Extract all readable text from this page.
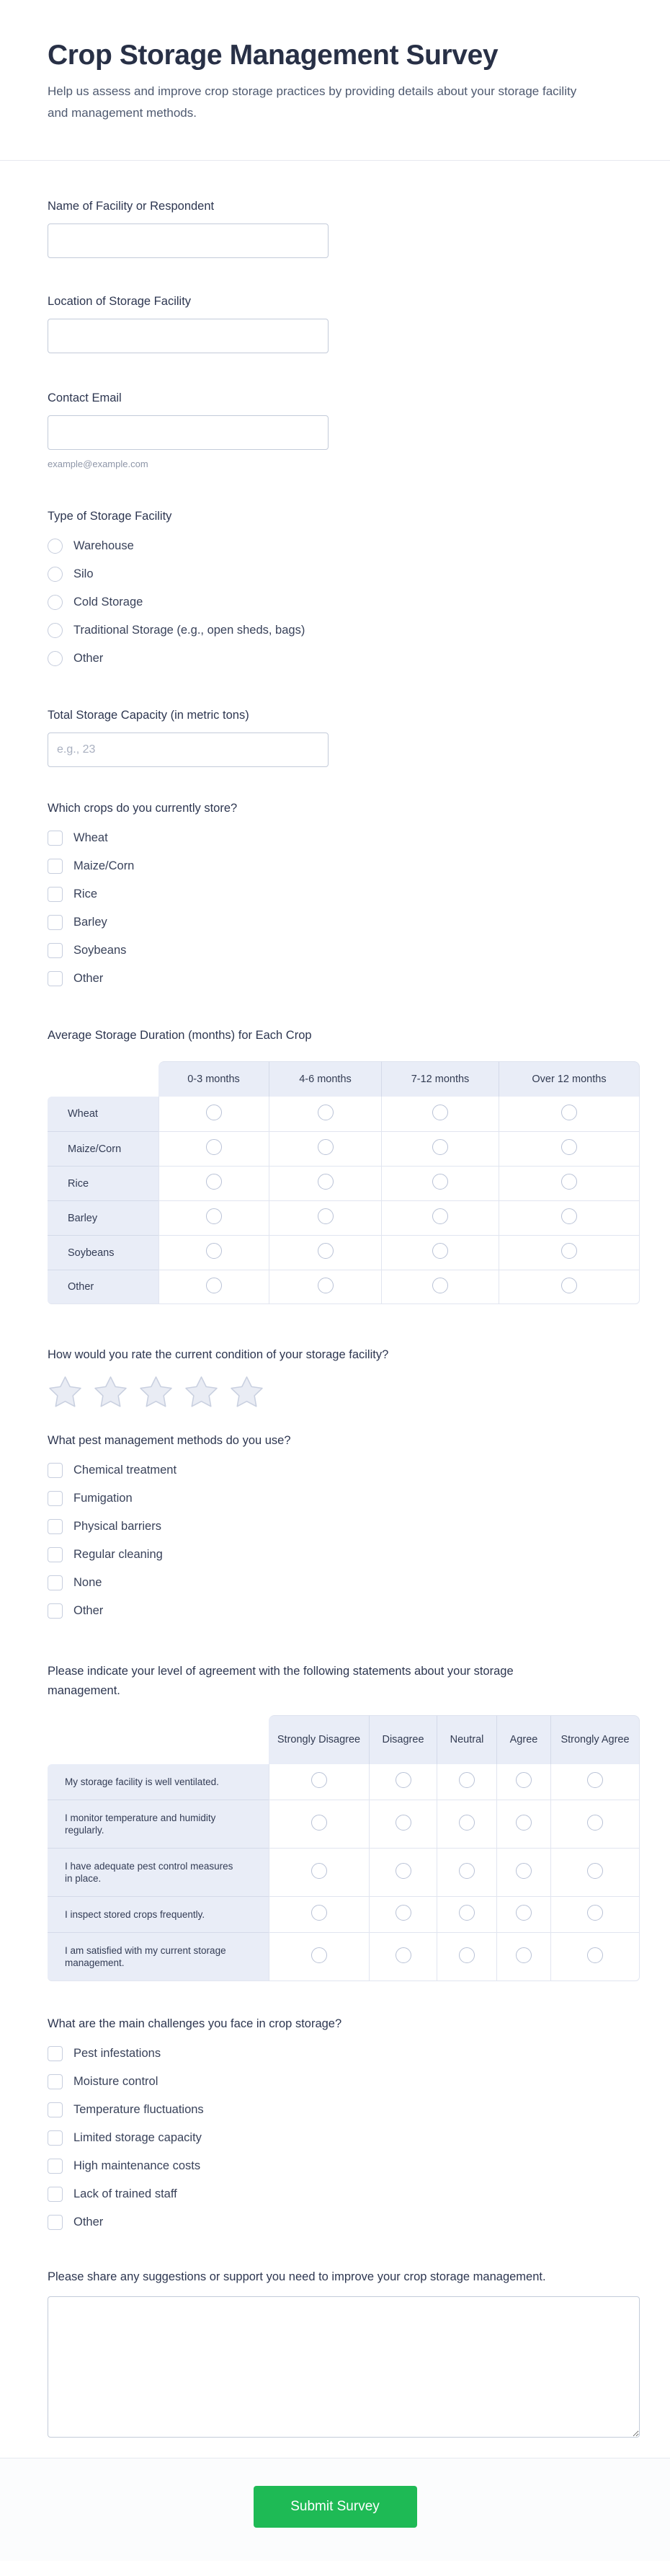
Crop Storage Management Survey

Help us assess and improve crop storage practices by providing details about your storage facility and management methods.

Name of Facility or Respondent
Location of Storage Facility
Contact Email
example@example.com
Type of Storage Facility
Warehouse
Silo
Cold Storage
Traditional Storage (e.g., open sheds, bags)
Other
Total Storage Capacity (in metric tons)
e.g., 23
Which crops do you currently store?
Wheat
Maize/Corn
Rice
Barley
Soybeans
Other
Average Storage Duration (months) for Each Crop
	0-3 months	4-6 months	7-12 months	Over 12 months
Wheat				
Maize/Corn				
Rice				
Barley				
Soybeans				
Other				
How would you rate the current condition of your storage facility?
What pest management methods do you use?
Chemical treatment
Fumigation
Physical barriers
Regular cleaning
None
Other
Please indicate your level of agreement with the following statements about your storage management.
	Strongly Disagree	Disagree	Neutral	Agree	Strongly Agree
My storage facility is well ventilated.					
I monitor temperature and humidity regularly.					
I have adequate pest control measures in place.					
I inspect stored crops frequently.					
I am satisfied with my current storage management.					
What are the main challenges you face in crop storage?
Pest infestations
Moisture control
Temperature fluctuations
Limited storage capacity
High maintenance costs
Lack of trained staff
Other
Please share any suggestions or support you need to improve your crop storage management.
Submit Survey
